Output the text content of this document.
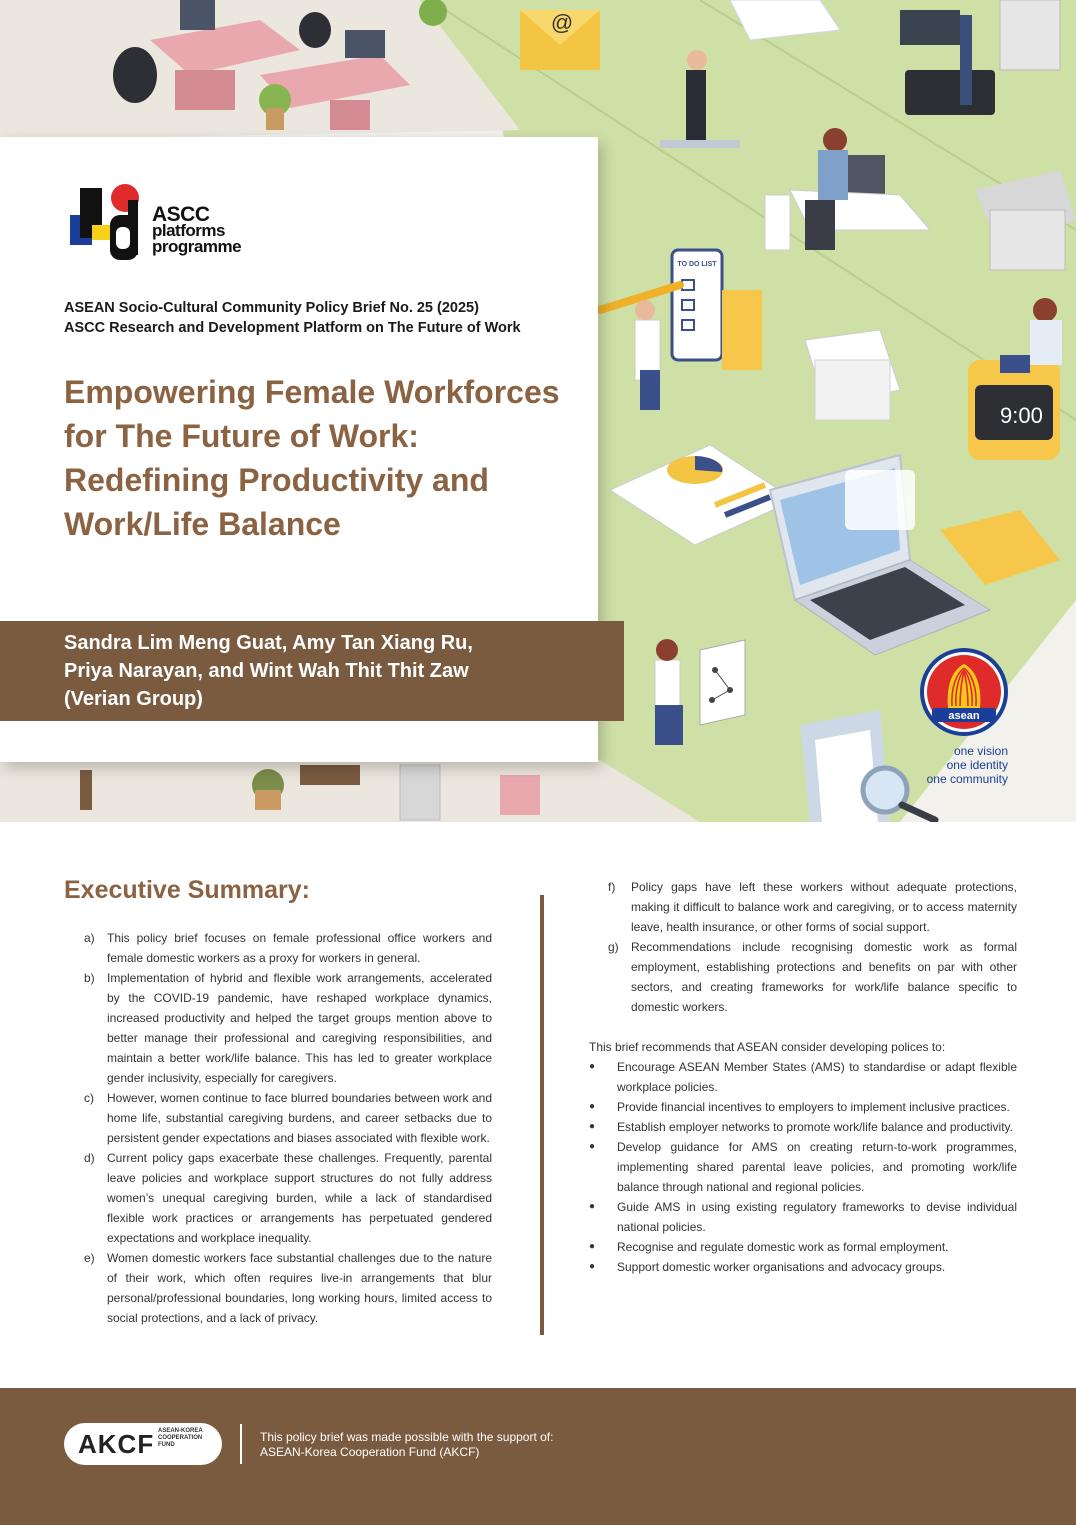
@
TO DO LIST
9:00
ASCC
platforms
programme
ASEAN Socio-Cultural Community Policy Brief No. 25 (2025)
ASCC Research and Development Platform on The Future of Work
Empowering Female Workforces for The Future of Work: Redefining Productivity and Work/Life Balance
Sandra Lim Meng Guat, Amy Tan Xiang Ru,
Priya Narayan, and Wint Wah Thit Thit Zaw
(Verian Group)
asean
one vision
one identity
one community
Executive Summary:
a)	This policy brief focuses on female professional office workers and female domestic workers as a proxy for workers in general.
b)	Implementation of hybrid and flexible work arrangements, accelerated by the COVID-19 pandemic, have reshaped workplace dynamics, increased productivity and helped the target groups mention above to better manage their professional and caregiving responsibilities, and maintain a better work/life balance. This has led to greater workplace gender inclusivity, especially for caregivers.
c)	However, women continue to face blurred boundaries between work and home life, substantial caregiving burdens, and career setbacks due to persistent gender expectations and biases associated with flexible work.
d)	Current policy gaps exacerbate these challenges. Frequently, parental leave policies and workplace support structures do not fully address women’s unequal caregiving burden, while a lack of standardised flexible work practices or arrangements has perpetuated gendered expectations and workplace inequality.
e)	Women domestic workers face substantial challenges due to the nature of their work, which often requires live-in arrangements that blur personal/professional boundaries, long working hours, limited access to social protections, and a lack of privacy.
f)	Policy gaps have left these workers without adequate protections, making it difficult to balance work and caregiving, or to access maternity leave, health insurance, or other forms of social support.
g)	Recommendations include recognising domestic work as formal employment, establishing protections and benefits on par with other sectors, and creating frameworks for work/life balance specific to domestic workers.
This brief recommends that ASEAN consider developing polices to:
●	Encourage ASEAN Member States (AMS) to standardise or adapt flexible workplace policies.
●	Provide financial incentives to employers to implement inclusive practices.
●	Establish employer networks to promote work/life balance and productivity.
●	Develop guidance for AMS on creating return-to-work programmes, implementing shared parental leave policies, and promoting work/life balance through national and regional policies.
●	Guide AMS in using existing regulatory frameworks to devise individual national policies.
●	Recognise and regulate domestic work as formal employment.
●	Support domestic worker organisations and advocacy groups.
AKCF ASEAN-KOREA
COOPERATION
FUND
This policy brief was made possible with the support of:
ASEAN-Korea Cooperation Fund (AKCF)
